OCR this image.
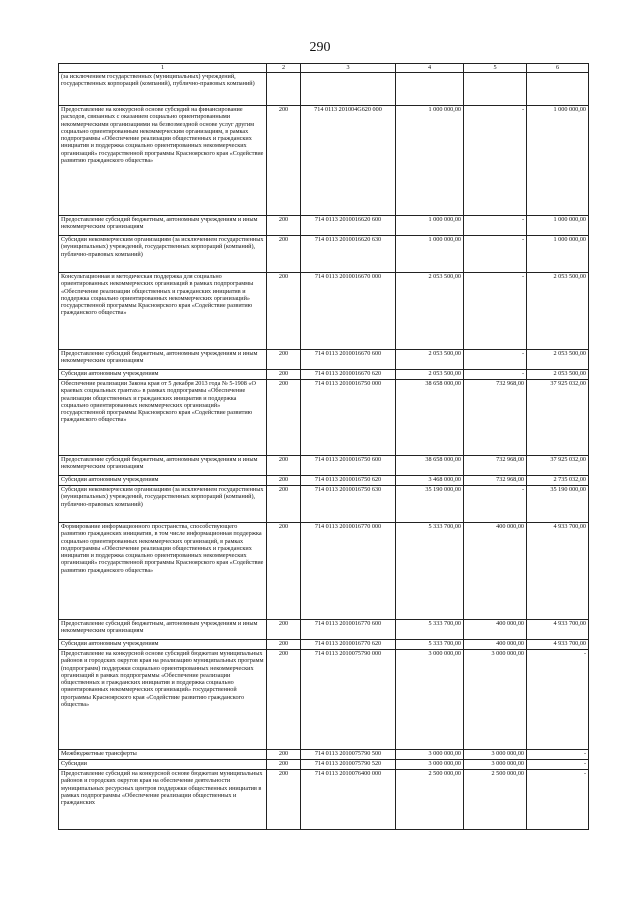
290
1	2	3	4	5	6
(за исключением государственных (муниципальных) учреждений, государственных корпораций (компаний), публично-правовых компаний)					
Предоставление на конкурсной основе субсидий на финансирование расходов, связанных с оказанием социально ориентированными некоммерческими организациями на безвозмездной основе услуг другим социально ориентированным некоммерческим организациям, в рамках подпрограммы «Обеспечение реализации общественных и гражданских инициатив и поддержка социально ориентированных некоммерческих организаций» государственной программы Красноярского края «Содействие развитию гражданского общества»	200	714 0113 201004G620 000	1 000 000,00	-	1 000 000,00
Предоставление субсидий бюджетным, автономным учреждениям и иным некоммерческим организациям	200	714 0113 2010016620 600	1 000 000,00	-	1 000 000,00
Субсидии некоммерческим организациям (за исключением государственных (муниципальных) учреждений, государственных корпораций (компаний), публично-правовых компаний)	200	714 0113 2010016620 630	1 000 000,00	-	1 000 000,00
Консультационная и методическая поддержка для социально ориентированных некоммерческих организаций в рамках подпрограммы «Обеспечение реализации общественных и гражданских инициатив и поддержка социально ориентированных некоммерческих организаций» государственной программы Красноярского края «Содействие развитию гражданского общества»	200	714 0113 2010016670 000	2 053 500,00	-	2 053 500,00
Предоставление субсидий бюджетным, автономным учреждениям и иным некоммерческим организациям	200	714 0113 2010016670 600	2 053 500,00	-	2 053 500,00
Субсидии автономным учреждениям	200	714 0113 2010016670 620	2 053 500,00	-	2 053 500,00
Обеспечение реализации Закона края от 5 декабря 2013 года № 5-1908 «О краевых социальных грантах» в рамках подпрограммы «Обеспечение реализации общественных и гражданских инициатив и поддержка социально ориентированных некоммерческих организаций» государственной программы Красноярского края «Содействие развитию гражданского общества»	200	714 0113 2010016750 000	38 658 000,00	732 968,00	37 925 032,00
Предоставление субсидий бюджетным, автономным учреждениям и иным некоммерческим организациям	200	714 0113 2010016750 600	38 658 000,00	732 968,00	37 925 032,00
Субсидии автономным учреждениям	200	714 0113 2010016750 620	3 468 000,00	732 968,00	2 735 032,00
Субсидии некоммерческим организациям (за исключением государственных (муниципальных) учреждений, государственных корпораций (компаний), публично-правовых компаний)	200	714 0113 2010016750 630	35 190 000,00	-	35 190 000,00
Формирование информационного пространства, способствующего развитию гражданских инициатив, в том числе информационная поддержка социально ориентированных некоммерческих организаций, в рамках подпрограммы «Обеспечение реализации общественных и гражданских инициатив и поддержка социально ориентированных некоммерческих организаций» государственной программы Красноярского края «Содействие развитию гражданского общества»	200	714 0113 2010016770 000	5 333 700,00	400 000,00	4 933 700,00
Предоставление субсидий бюджетным, автономным учреждениям и иным некоммерческим организациям	200	714 0113 2010016770 600	5 333 700,00	400 000,00	4 933 700,00
Субсидии автономным учреждениям	200	714 0113 2010016770 620	5 333 700,00	400 000,00	4 933 700,00
Предоставление на конкурсной основе субсидий бюджетам муниципальных районов и городских округов края на реализацию муниципальных программ (подпрограмм) поддержки социально ориентированных некоммерческих организаций в рамках подпрограммы «Обеспечение реализации общественных и гражданских инициатив и поддержка социально ориентированных некоммерческих организаций» государственной программы Красноярского края «Содействие развитию гражданского общества»	200	714 0113 2010075790 000	3 000 000,00	3 000 000,00	-
Межбюджетные трансферты	200	714 0113 2010075790 500	3 000 000,00	3 000 000,00	-
Субсидии	200	714 0113 2010075790 520	3 000 000,00	3 000 000,00	-
Предоставление субсидий на конкурсной основе бюджетам муниципальных районов и городских округов края на обеспечение деятельности муниципальных ресурсных центров поддержки общественных инициатив в рамках подпрограммы «Обеспечение реализации общественных и гражданских	200	714 0113 2010076400 000	2 500 000,00	2 500 000,00	-
